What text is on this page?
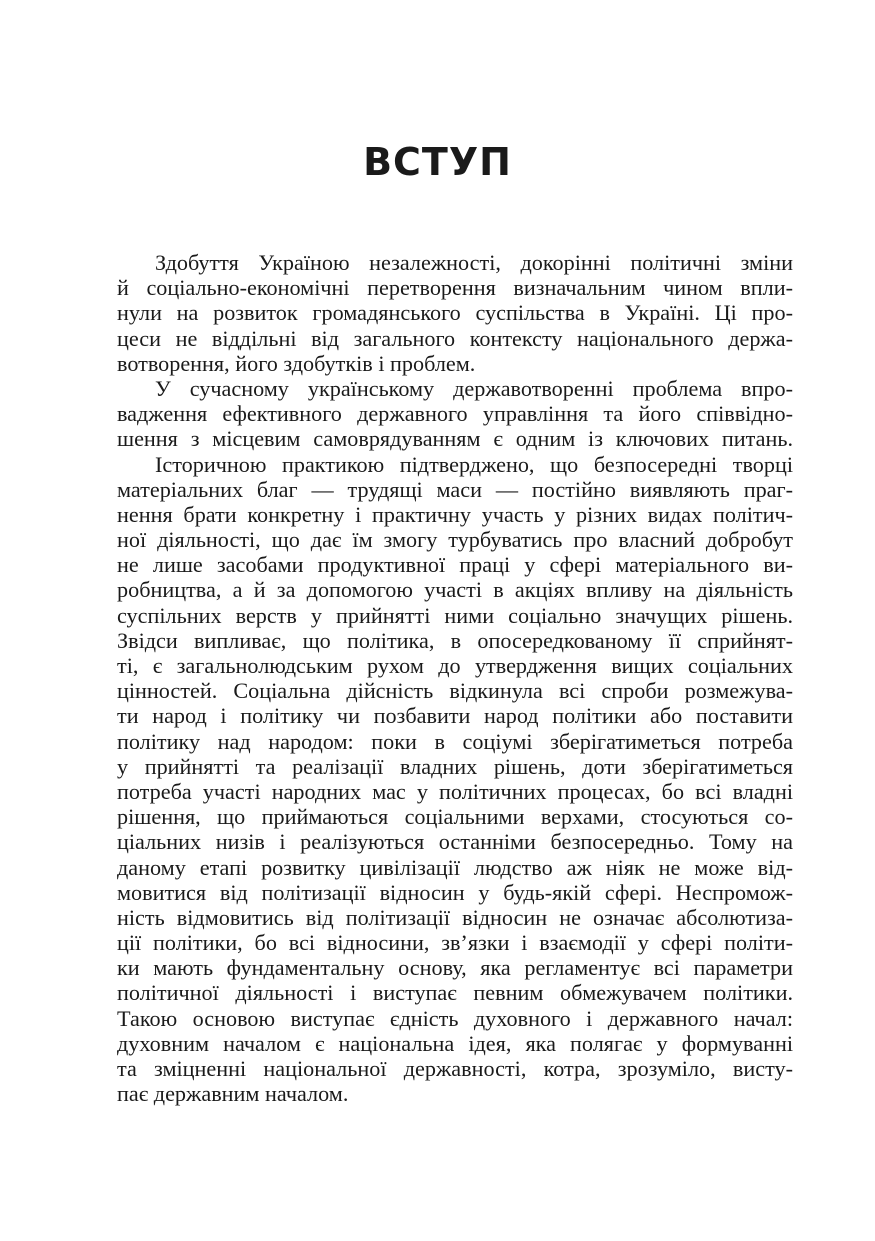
ВСТУП
Здобуття Україною незалежності, докорінні політичні зміни
й соціально-економічні перетворення визначальним чином впли-
нули на розвиток громадянського суспільства в Україні. Ці про-
цеси не віддільні від загального контексту національного держа-
вотворення, його здобутків і проблем.
У сучасному українському державотворенні проблема впро-
вадження ефективного державного управління та його співвідно-
шення з місцевим самоврядуванням є одним із ключових питань.
Історичною практикою підтверджено, що безпосередні творці
матеріальних благ — трудящі маси — постійно виявляють праг-
нення брати конкретну і практичну участь у різних видах політич-
ної діяльності, що дає їм змогу турбуватись про власний добробут
не лише засобами продуктивної праці у сфері матеріального ви-
робництва, а й за допомогою участі в акціях впливу на діяльність
суспільних верств у прийнятті ними соціально значущих рішень.
Звідси випливає, що політика, в опосередкованому її сприйнят-
ті, є загальнолюдським рухом до утвердження вищих соціальних
цінностей. Соціальна дійсність відкинула всі спроби розмежува-
ти народ і політику чи позбавити народ політики або поставити
політику над народом: поки в соціумі зберігатиметься потреба
у прийнятті та реалізації владних рішень, доти зберігатиметься
потреба участі народних мас у політичних процесах, бо всі владні
рішення, що приймаються соціальними верхами, стосуються со-
ціальних низів і реалізуються останніми безпосередньо. Тому на
даному етапі розвитку цивілізації людство аж ніяк не може від-
мовитися від політизації відносин у будь-якій сфері. Неспромож-
ність відмовитись від політизації відносин не означає абсолютиза-
ції політики, бо всі відносини, зв’язки і взаємодії у сфері політи-
ки мають фундаментальну основу, яка регламентує всі параметри
політичної діяльності і виступає певним обмежувачем політики.
Такою основою виступає єдність духовного і державного начал:
духовним началом є національна ідея, яка полягає у формуванні
та зміцненні національної державності, котра, зрозуміло, висту-
пає державним началом.
